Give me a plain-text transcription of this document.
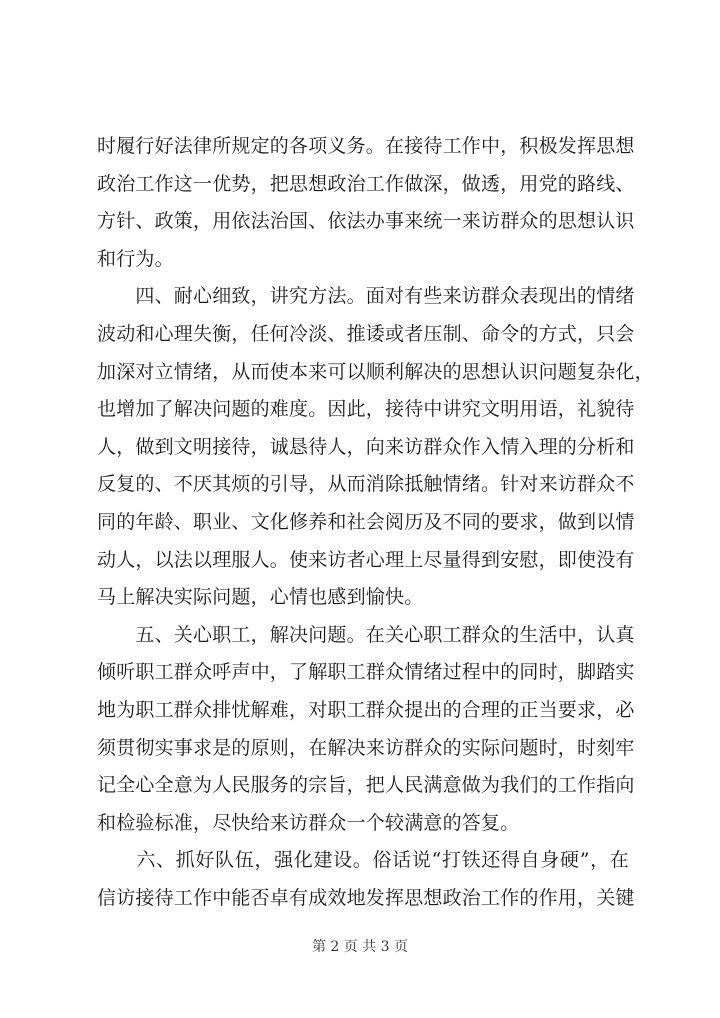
时履行好法律所规定的各项义务。在接待工作中，积极发挥思想
政治工作这一优势，把思想政治工作做深，做透，用党的路线、
方针、政策，用依法治国、依法办事来统一来访群众的思想认识
和行为。
　　四、耐心细致，讲究方法。面对有些来访群众表现出的情绪
波动和心理失衡，任何冷淡、推诿或者压制、命令的方式，只会
加深对立情绪，从而使本来可以顺利解决的思想认识问题复杂化，
也增加了解决问题的难度。因此，接待中讲究文明用语，礼貌待
人，做到文明接待，诚恳待人，向来访群众作入情入理的分析和
反复的、不厌其烦的引导，从而消除抵触情绪。针对来访群众不
同的年龄、职业、文化修养和社会阅历及不同的要求，做到以情
动人，以法以理服人。使来访者心理上尽量得到安慰，即使没有
马上解决实际问题，心情也感到愉快。
　　五、关心职工，解决问题。在关心职工群众的生活中，认真
倾听职工群众呼声中，了解职工群众情绪过程中的同时，脚踏实
地为职工群众排忧解难，对职工群众提出的合理的正当要求，必
须贯彻实事求是的原则，在解决来访群众的实际问题时，时刻牢
记全心全意为人民服务的宗旨，把人民满意做为我们的工作指向
和检验标准，尽快给来访群众一个较满意的答复。
　　六、抓好队伍，强化建设。俗话说“打铁还得自身硬”，在
信访接待工作中能否卓有成效地发挥思想政治工作的作用，关键
第 2 页 共 3 页
